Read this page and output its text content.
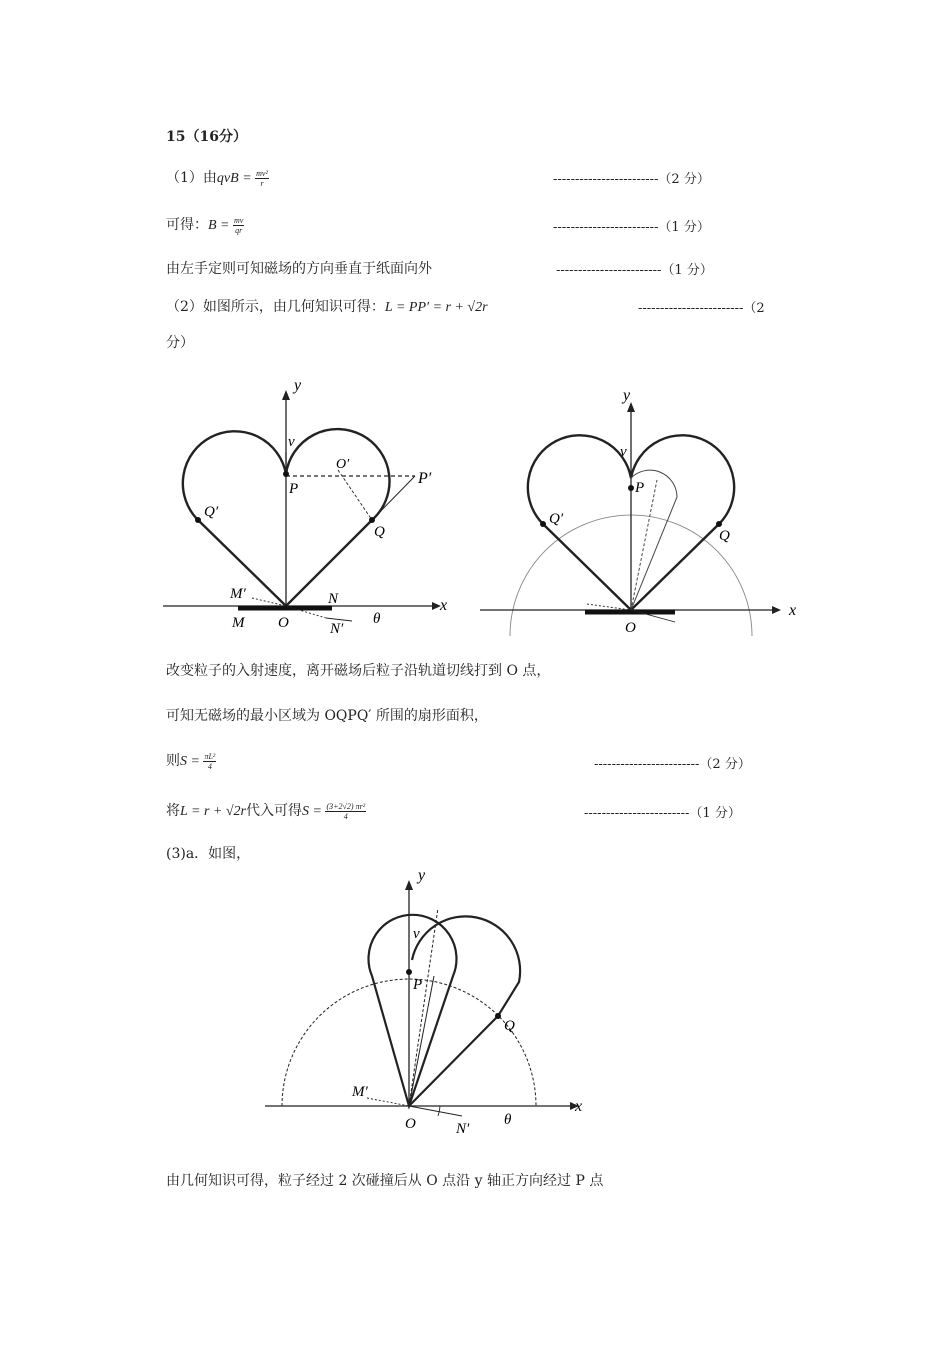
15（16分）
（1）由qvB = $\frac{\text{mv²}}{r}$	------------------------（2 分）
可得：$B = \frac{mv}{qr}$	------------------------（1 分）
由左手定则可知磁场的方向垂直于纸面向外	------------------------（1 分）
（2）如图所示，由几何知识可得：L = PP′ = r + √2r	------------------------（2
分）
y
v
P
O′
P′
Q
Q′
M′
M
N
O	N′
θ
x
y
v
P
Q
Q′
O
x
改变粒子的入射速度，离开磁场后粒子沿轨道切线打到 O 点，
可知无磁场的最小区域为 OQPQ′ 所围的扇形面积，
则$S = \frac{\text{πL²}}{4}$	------------------------（2 分）
将L = r + √2r代入可得$S = \frac{\text{(3+2√2) πr²}}{4}$	------------------------（1 分）
(3)a．如图，
y
v
P
Q
M′
O	N′
θ
x
由几何知识可得，粒子经过 2 次碰撞后从 O 点沿 y 轴正方向经过 P 点
